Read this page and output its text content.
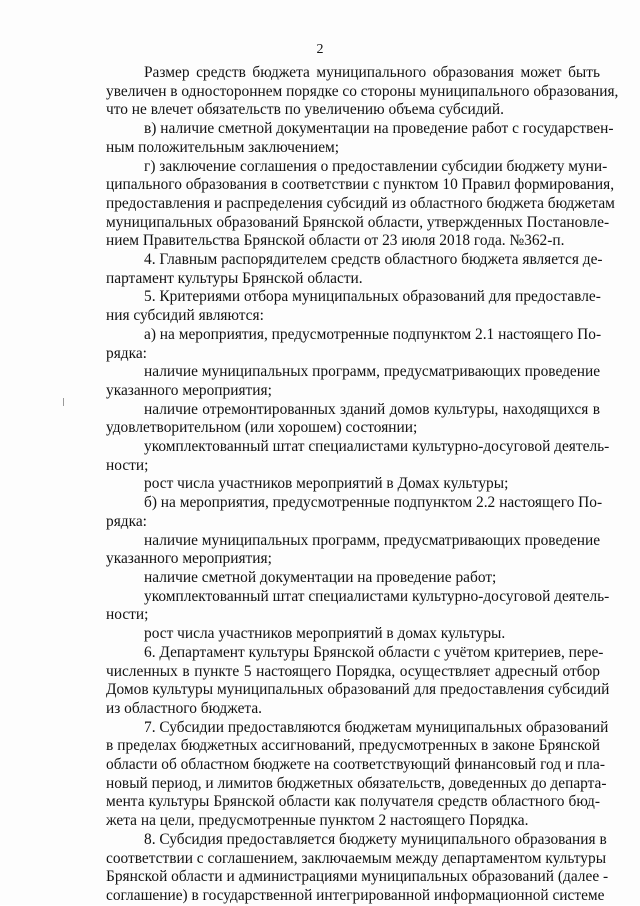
2
Размер средств бюджета муниципального образования может быть
увеличен в одностороннем порядке со стороны муниципального образования,
что не влечет обязательств по увеличению объема субсидий.
в) наличие сметной документации на проведение работ с государствен-
ным положительным заключением;
г) заключение соглашения о предоставлении субсидии бюджету муни-
ципального образования в соответствии с пунктом 10 Правил формирования,
предоставления и распределения субсидий из областного бюджета бюджетам
муниципальных образований Брянской области, утвержденных Постановле-
нием Правительства Брянской области от 23 июля 2018 года. №362-п.
4. Главным распорядителем средств областного бюджета является де-
партамент культуры Брянской области.
5. Критериями отбора муниципальных образований для предоставле-
ния субсидий являются:
а) на мероприятия, предусмотренные подпунктом 2.1 настоящего По-
рядка:
наличие муниципальных программ, предусматривающих проведение
указанного мероприятия;
наличие отремонтированных зданий домов культуры, находящихся в
удовлетворительном (или хорошем) состоянии;
укомплектованный штат специалистами культурно-досуговой деятель-
ности;
рост числа участников мероприятий в Домах культуры;
б) на мероприятия, предусмотренные подпунктом 2.2 настоящего По-
рядка:
наличие муниципальных программ, предусматривающих проведение
указанного мероприятия;
наличие сметной документации на проведение работ;
укомплектованный штат специалистами культурно-досуговой деятель-
ности;
рост числа участников мероприятий в домах культуры.
6. Департамент культуры Брянской области с учётом критериев, пере-
численных в пункте 5 настоящего Порядка, осуществляет адресный отбор
Домов культуры муниципальных образований для предоставления субсидий
из областного бюджета.
7. Субсидии предоставляются бюджетам муниципальных образований
в пределах бюджетных ассигнований, предусмотренных в законе Брянской
области об областном бюджете на соответствующий финансовый год и пла-
новый период, и лимитов бюджетных обязательств, доведенных до департа-
мента культуры Брянской области как получателя средств областного бюд-
жета на цели, предусмотренные пунктом 2 настоящего Порядка.
8. Субсидия предоставляется бюджету муниципального образования в
соответствии с соглашением, заключаемым между департаментом культуры
Брянской области и администрациями муниципальных образований (далее -
соглашение) в государственной интегрированной информационной системе
